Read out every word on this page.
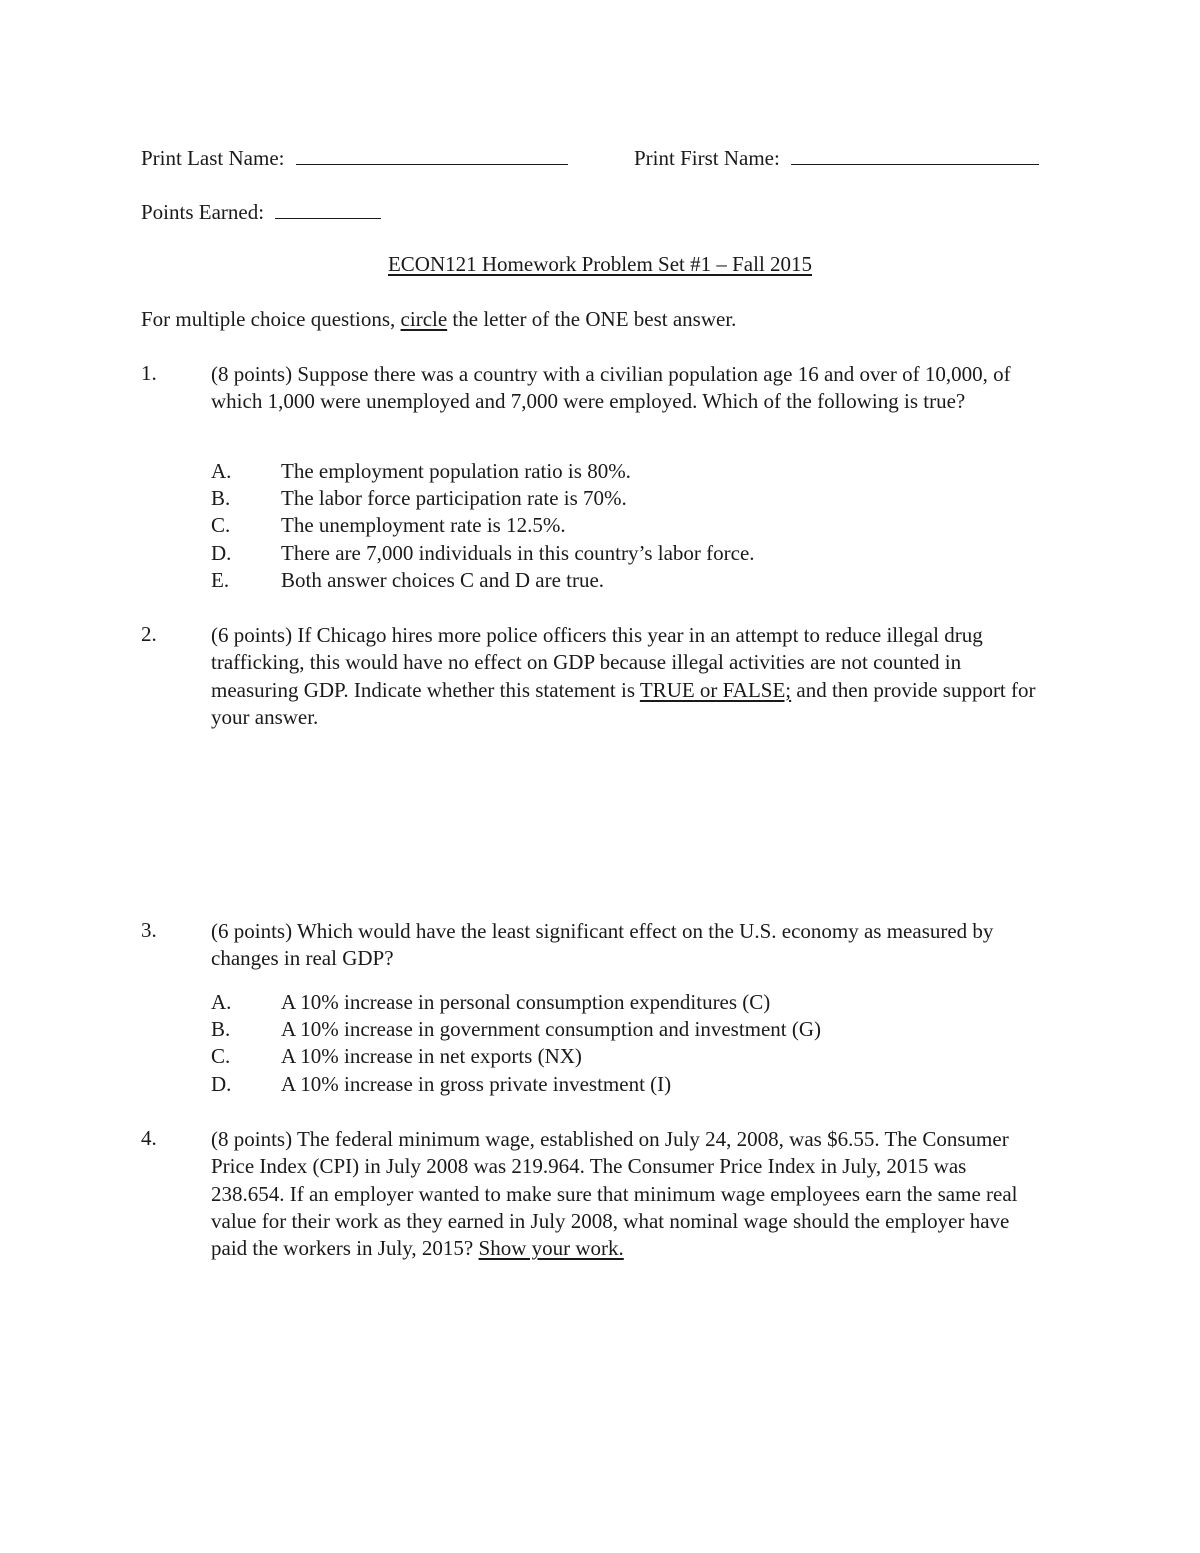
Print Last Name:	Print First Name:
Points Earned:
ECON121 Homework Problem Set #1 – Fall 2015
For multiple choice questions, circle the letter of the ONE best answer.
1.	(8 points) Suppose there was a country with a civilian population age 16 and over of 10,000, of which 1,000 were unemployed and 7,000 were employed. Which of the following is true?
A. The employment population ratio is 80%.
B. The labor force participation rate is 70%.
C. The unemployment rate is 12.5%.
D. There are 7,000 individuals in this country’s labor force.
E. Both answer choices C and D are true.
2.	(6 points) If Chicago hires more police officers this year in an attempt to reduce illegal drug trafficking, this would have no effect on GDP because illegal activities are not counted in measuring GDP. Indicate whether this statement is TRUE or FALSE; and then provide support for your answer.
3.	(6 points) Which would have the least significant effect on the U.S. economy as measured by changes in real GDP?
A. A 10% increase in personal consumption expenditures (C)
B. A 10% increase in government consumption and investment (G)
C. A 10% increase in net exports (NX)
D. A 10% increase in gross private investment (I)
4.	(8 points) The federal minimum wage, established on July 24, 2008, was $6.55. The Consumer Price Index (CPI) in July 2008 was 219.964. The Consumer Price Index in July, 2015 was 238.654. If an employer wanted to make sure that minimum wage employees earn the same real value for their work as they earned in July 2008, what nominal wage should the employer have paid the workers in July, 2015? Show your work.
